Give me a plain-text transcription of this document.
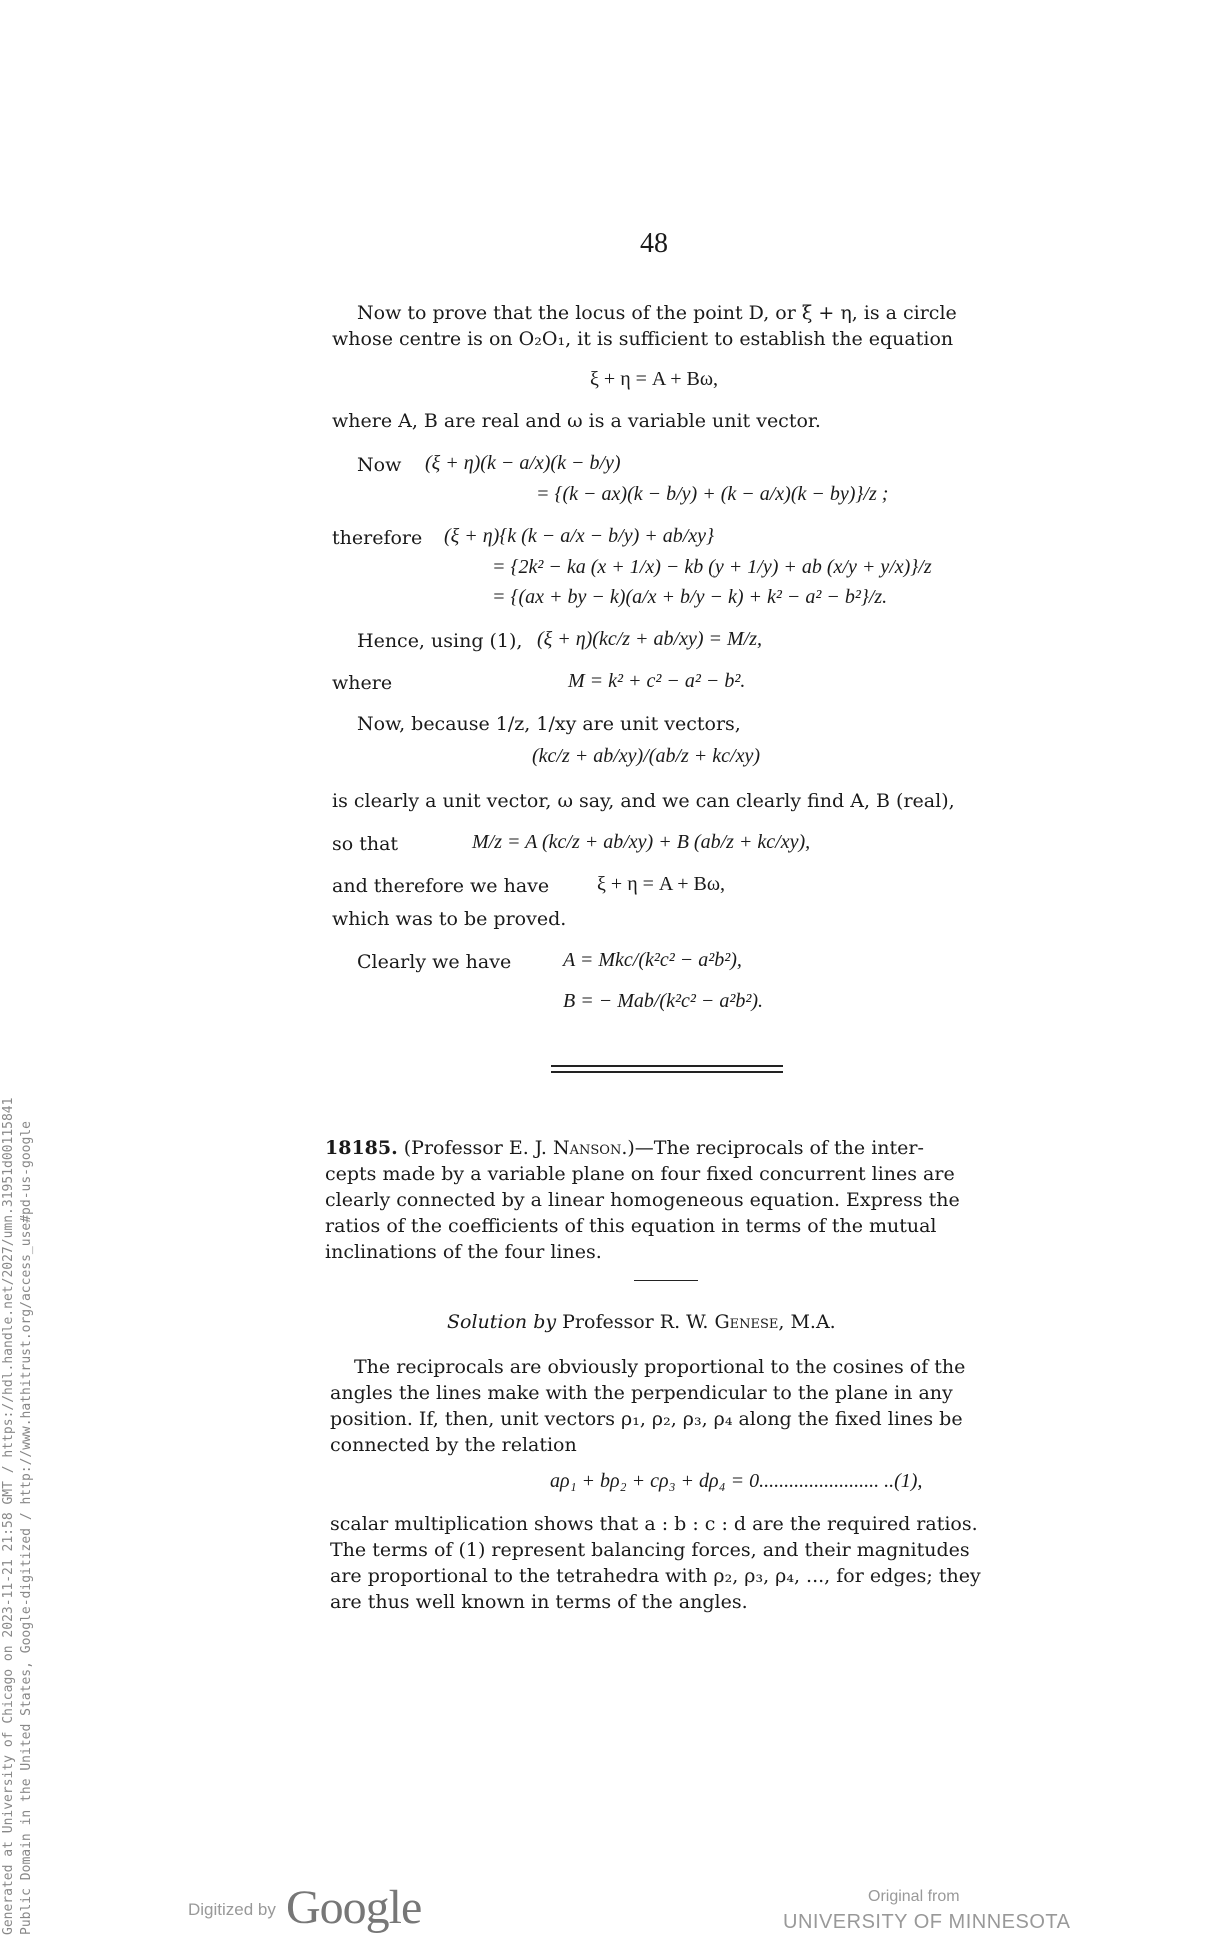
48
Now to prove that the locus of the point D, or ξ + η, is a circle
whose centre is on O₂O₁, it is sufficient to establish the equation
ξ + η = A + Bω,
where A, B are real and ω is a variable unit vector.
Now (ξ + η)(k − a/x)(k − b/y)
= {(k − ax)(k − b/y) + (k − a/x)(k − by)}/z ;
therefore (ξ + η){k (k − a/x − b/y) + ab/xy}
= {2k² − ka (x + 1/x) − kb (y + 1/y) + ab (x/y + y/x)}/z
= {(ax + by − k)(a/x + b/y − k) + k² − a² − b²}/z.
Hence, using (1), (ξ + η)(kc/z + ab/xy) = M/z,
where	M = k² + c² − a² − b².
Now, because 1/z, 1/xy are unit vectors,
(kc/z + ab/xy)/(ab/z + kc/xy)
is clearly a unit vector, ω say, and we can clearly find A, B (real),
so that	M/z = A (kc/z + ab/xy) + B (ab/z + kc/xy),
and therefore we have ξ + η = A + Bω,
which was to be proved.
Clearly we have	A = Mkc/(k²c² − a²b²),
B = − Mab/(k²c² − a²b²).
18185. (Professor E. J. Nanson.)—The reciprocals of the inter-
cepts made by a variable plane on four fixed concurrent lines are
clearly connected by a linear homogeneous equation. Express the
ratios of the coefficients of this equation in terms of the mutual
inclinations of the four lines.
Solution by Professor R. W. Genese, M.A.
The reciprocals are obviously proportional to the cosines of the
angles the lines make with the perpendicular to the plane in any
position. If, then, unit vectors ρ₁, ρ₂, ρ₃, ρ₄ along the fixed lines be
connected by the relation
aρ₁ + bρ₂ + cρ₃ + dρ₄ = 0........................ ..(1),
scalar multiplication shows that a : b : c : d are the required ratios.
The terms of (1) represent balancing forces, and their magnitudes
are proportional to the tetrahedra with ρ₂, ρ₃, ρ₄, ..., for edges; they
are thus well known in terms of the angles.
Generated at University of Chicago on 2023-11-21 21:58 GMT / https://hdl.handle.net/2027/umn.31951d00115841 Public Domain in the United States, Google-digitized / http://www.hathitrust.org/access_use#pd-us-google	Digitized by Google	Original from
UNIVERSITY OF MINNESOTA
